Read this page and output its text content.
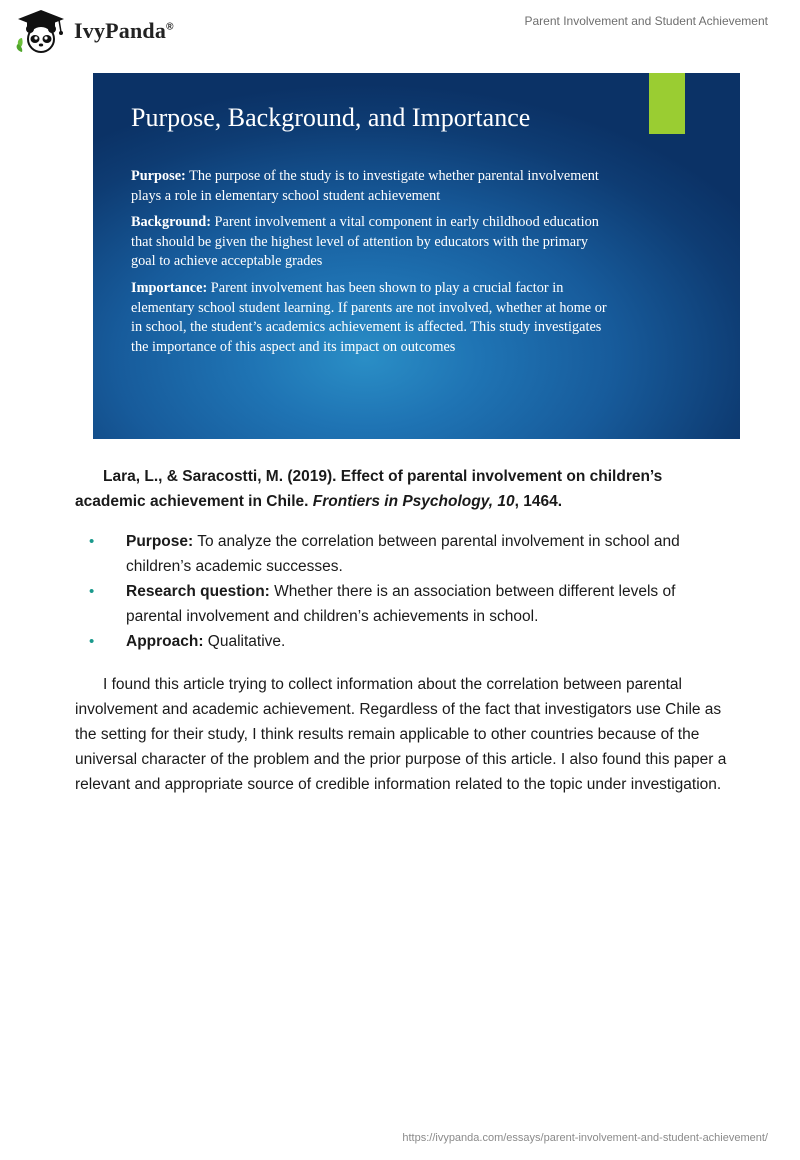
IvyPanda®	Parent Involvement and Student Achievement
Purpose, Background, and Importance

Purpose: The purpose of the study is to investigate whether parental involvement plays a role in elementary school student achievement

Background: Parent involvement a vital component in early childhood education that should be given the highest level of attention by educators with the primary goal to achieve acceptable grades

Importance: Parent involvement has been shown to play a crucial factor in elementary school student learning. If parents are not involved, whether at home or in school, the student’s academics achievement is affected. This study investigates the importance of this aspect and its impact on outcomes

Lara, L., & Saracostti, M. (2019). Effect of parental involvement on children’s academic achievement in Chile. Frontiers in Psychology, 10, 1464.
• Purpose: To analyze the correlation between parental involvement in school and children’s academic successes.
• Research question: Whether there is an association between different levels of parental involvement and children’s achievements in school.
• Approach: Qualitative.
I found this article trying to collect information about the correlation between parental involvement and academic achievement. Regardless of the fact that investigators use Chile as the setting for their study, I think results remain applicable to other countries because of the universal character of the problem and the prior purpose of this article. I also found this paper a relevant and appropriate source of credible information related to the topic under investigation.
https://ivypanda.com/essays/parent-involvement-and-student-achievement/
